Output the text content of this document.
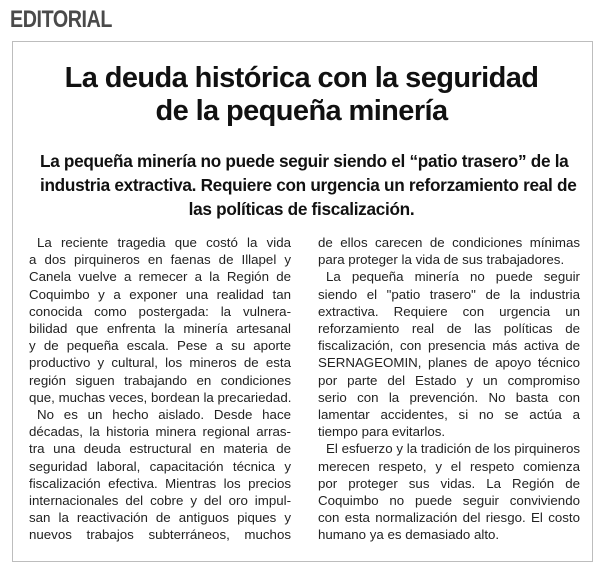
EDITORIAL
La deuda histórica con la seguridad
de la pequeña minería
La pequeña minería no puede seguir siendo el “patio trasero” de la
industria extractiva. Requiere con urgencia un reforzamiento real de
las políticas de fiscalización.
La reciente tragedia que costó la vida
a dos pirquineros en faenas de Illapel y
Canela vuelve a remecer a la Región de
Coquimbo y a exponer una realidad tan
conocida como postergada: la vulnera-
bilidad que enfrenta la minería artesanal
y de pequeña escala. Pese a su aporte
productivo y cultural, los mineros de esta
región siguen trabajando en condiciones
que, muchas veces, bordean la precariedad.
No es un hecho aislado. Desde hace
décadas, la historia minera regional arras-
tra una deuda estructural en materia de
seguridad laboral, capacitación técnica y
fiscalización efectiva. Mientras los precios
internacionales del cobre y del oro impul-
san la reactivación de antiguos piques y
nuevos trabajos subterráneos, muchos
de ellos carecen de condiciones mínimas
para proteger la vida de sus trabajadores.
La pequeña minería no puede seguir
siendo el "patio trasero" de la industria
extractiva. Requiere con urgencia un
reforzamiento real de las políticas de
fiscalización, con presencia más activa de
SERNAGEOMIN, planes de apoyo técnico
por parte del Estado y un compromiso
serio con la prevención. No basta con
lamentar accidentes, si no se actúa a
tiempo para evitarlos.
El esfuerzo y la tradición de los pirquineros
merecen respeto, y el respeto comienza
por proteger sus vidas. La Región de
Coquimbo no puede seguir conviviendo
con esta normalización del riesgo. El costo
humano ya es demasiado alto.
